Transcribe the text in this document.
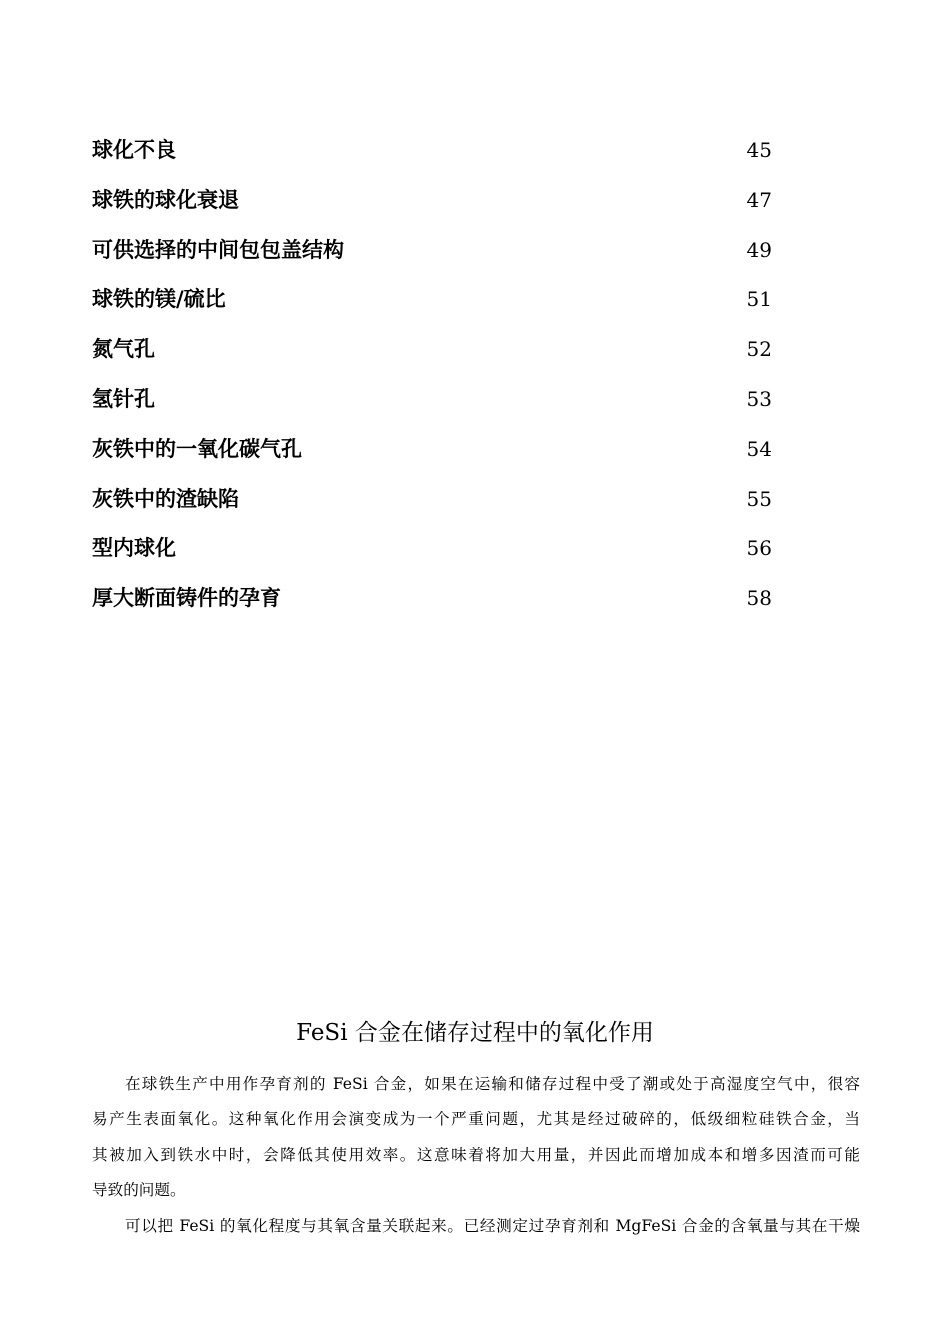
球化不良	45
球铁的球化衰退	47
可供选择的中间包包盖结构	49
球铁的镁/硫比	51
氮气孔	52
氢针孔	53
灰铁中的一氧化碳气孔	54
灰铁中的渣缺陷	55
型内球化	56
厚大断面铸件的孕育	58
FeSi 合金在储存过程中的氧化作用
在球铁生产中用作孕育剂的 FeSi 合金，如果在运输和储存过程中受了潮或处于高湿度空气中，很容
易产生表面氧化。这种氧化作用会演变成为一个严重问题，尤其是经过破碎的，低级细粒硅铁合金，当
其被加入到铁水中时，会降低其使用效率。这意味着将加大用量，并因此而增加成本和增多因渣而可能
导致的问题。
可以把 FeSi 的氧化程度与其氧含量关联起来。已经测定过孕育剂和 MgFeSi 合金的含氧量与其在干燥
